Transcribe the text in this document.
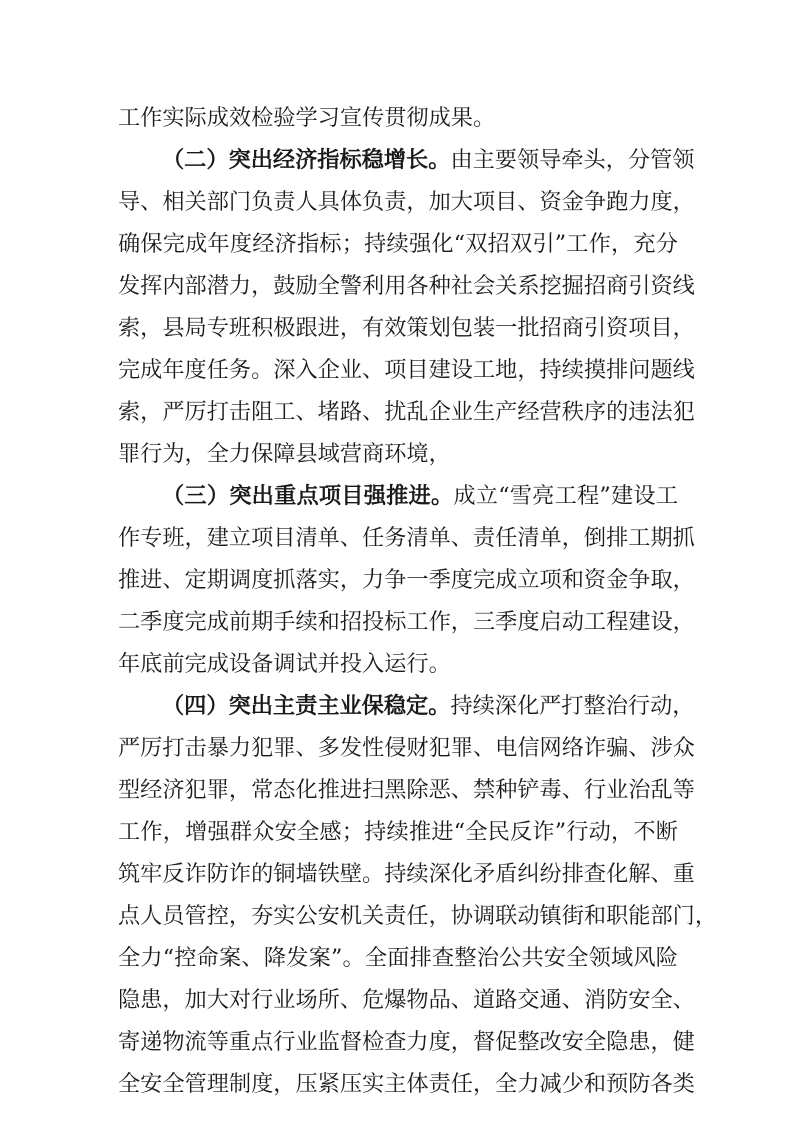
工作实际成效检验学习宣传贯彻成果。
（二）突出经济指标稳增长。由主要领导牵头，分管领
导、相关部门负责人具体负责，加大项目、资金争跑力度，
确保完成年度经济指标；持续强化“双招双引”工作，充分
发挥内部潜力，鼓励全警利用各种社会关系挖掘招商引资线
索，县局专班积极跟进，有效策划包装一批招商引资项目，
完成年度任务。深入企业、项目建设工地，持续摸排问题线
索，严厉打击阻工、堵路、扰乱企业生产经营秩序的违法犯
罪行为，全力保障县域营商环境，
（三）突出重点项目强推进。成立“雪亮工程”建设工
作专班，建立项目清单、任务清单、责任清单，倒排工期抓
推进、定期调度抓落实，力争一季度完成立项和资金争取，
二季度完成前期手续和招投标工作，三季度启动工程建设，
年底前完成设备调试并投入运行。
（四）突出主责主业保稳定。持续深化严打整治行动，
严厉打击暴力犯罪、多发性侵财犯罪、电信网络诈骗、涉众
型经济犯罪，常态化推进扫黑除恶、禁种铲毒、行业治乱等
工作，增强群众安全感；持续推进“全民反诈”行动，不断
筑牢反诈防诈的铜墙铁壁。持续深化矛盾纠纷排查化解、重
点人员管控，夯实公安机关责任，协调联动镇街和职能部门，
全力“控命案、降发案”。全面排查整治公共安全领域风险
隐患，加大对行业场所、危爆物品、道路交通、消防安全、
寄递物流等重点行业监督检查力度，督促整改安全隐患，健
全安全管理制度，压紧压实主体责任，全力减少和预防各类
